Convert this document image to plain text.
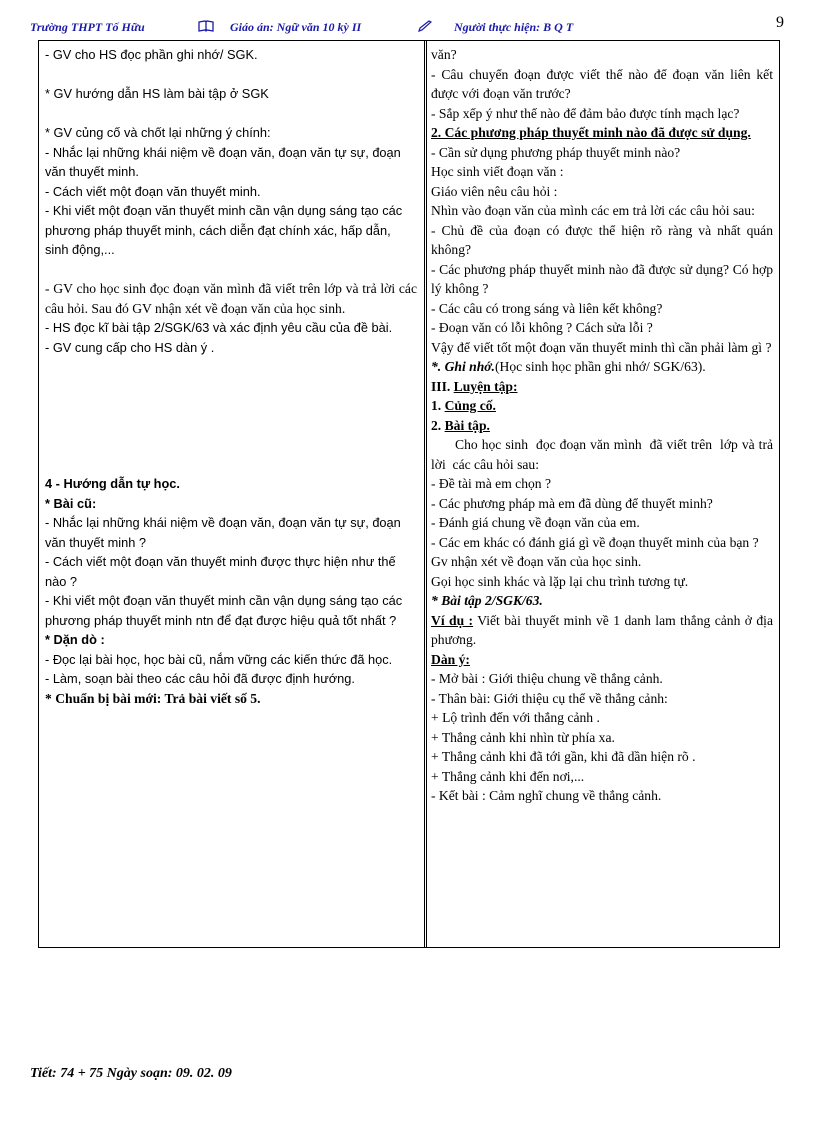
Trường THPT Tố Hữu	Giáo án: Ngữ văn 10 kỳ II	Người thực hiện: B Q T	9
- GV cho HS đọc phần ghi nhớ/ SGK.
* GV hướng dẫn HS làm bài tập ở SGK
* GV củng cố và chốt lại những ý chính:
- Nhắc lại những khái niệm về đoạn văn, đoạn văn tự sự, đoạn văn thuyết minh.
- Cách viết một đoạn văn thuyết minh.
- Khi viết một đoạn văn thuyết minh cần vận dụng sáng tạo các phương pháp thuyết minh, cách diễn đạt chính xác, hấp dẫn, sinh động,...
- GV cho học sinh đọc đoạn văn mình đã viết trên lớp và trả lời các câu hỏi. Sau đó GV nhận xét về đoạn văn của học sinh.
- HS đọc kĩ bài tập 2/SGK/63 và xác định yêu cầu của đề bài.
- GV cung cấp cho HS dàn ý .
4 - Hướng dẫn tự học.
* Bài cũ:
- Nhắc lại những khái niệm về đoạn văn, đoạn văn tự sự, đoạn văn thuyết minh ?
- Cách viết một đoạn văn thuyết minh được thực hiện như thế nào ?
- Khi viết một đoạn văn thuyết minh cần vận dụng sáng tạo các phương pháp thuyết minh ntn để đạt được hiệu quả tốt nhất ?
* Dặn dò :
- Đọc lại bài học, học bài cũ, nắm vững các kiến thức đã học.
- Làm, soạn bài theo các câu hỏi đã được định hướng.
* Chuẩn bị bài mới: Trả bài viết số 5.
văn?
- Câu chuyển đoạn được viết thế nào để đoạn văn liên kết được với đoạn văn trước?
- Sắp xếp ý như thế nào để đảm bảo được tính mạch lạc?
2. Các phương pháp thuyết minh nào đã được sử dụng.
- Cần sử dụng phương pháp thuyết minh nào?
Học sinh viết đoạn văn :
Giáo viên nêu câu hỏi :
Nhìn vào đoạn văn của mình các em trả lời các câu hỏi sau:
- Chủ đề của đoạn có được thể hiện rõ ràng và nhất quán không?
- Các phương pháp thuyết minh nào đã được sử dụng? Có hợp lý không ?
- Các câu có trong sáng và liên kết không?
- Đoạn văn có lỗi không ? Cách sửa lỗi ?
Vậy để viết tốt một đoạn văn thuyết minh thì cần phải làm gì ?
*. Ghi nhớ.(Học sinh học phần ghi nhớ/ SGK/63).
III. Luyện tập:
1. Củng cố.
2. Bài tập.
Cho học sinh  đọc đoạn văn mình  đã viết trên  lớp và trả lời  các câu hỏi sau:
- Đề tài mà em chọn ?
- Các phương pháp mà em đã dùng để thuyết minh?
- Đánh giá chung về đoạn văn của em.
- Các em khác có đánh giá gì về đoạn thuyết minh của bạn ?
Gv nhận xét về đoạn văn của học sinh.
Gọi học sinh khác và lặp lại chu trình tương tự.
* Bài tập 2/SGK/63.
Ví dụ : Viết bài thuyết minh về 1 danh lam thắng cảnh ở địa phương.
Dàn ý:
- Mở bài : Giới thiệu chung về thắng cảnh.
- Thân bài: Giới thiệu cụ thể về thắng cảnh:
+ Lộ trình đến với thắng cảnh .
+ Thắng cảnh khi nhìn từ phía xa.
+ Thắng cảnh khi đã tới gần, khi đã dần hiện rõ .
+ Thắng cảnh khi đến nơi,...
- Kết bài : Cảm nghĩ chung về thắng cảnh.
Tiết: 74 + 75 Ngày soạn: 09. 02. 09
